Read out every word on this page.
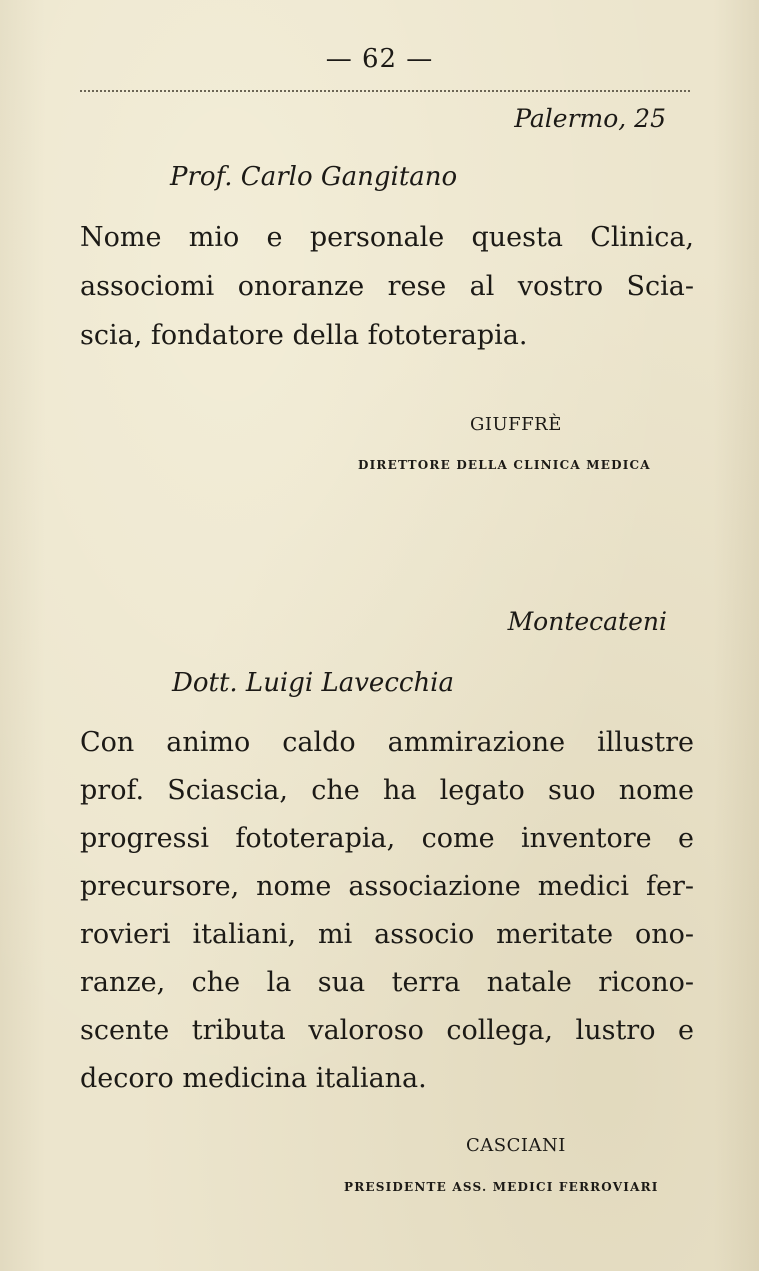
— 62 —
Palermo, 25
Prof. Carlo Gangitano
Nome mio e personale questa Clinica,
associomi onoranze rese al vostro Scia-
scia, fondatore della fototerapia.
GIUFFRÈ
DIRETTORE DELLA CLINICA MEDICA
Montecateni
Dott. Luigi Lavecchia
Con animo caldo ammirazione illustre
prof. Sciascia, che ha legato suo nome
progressi fototerapia, come inventore e
precursore, nome associazione medici fer-
rovieri italiani, mi associo meritate ono-
ranze, che la sua terra natale ricono-
scente tributa valoroso collega, lustro e
decoro medicina italiana.
CASCIANI
PRESIDENTE ASS. MEDICI FERROVIARI
